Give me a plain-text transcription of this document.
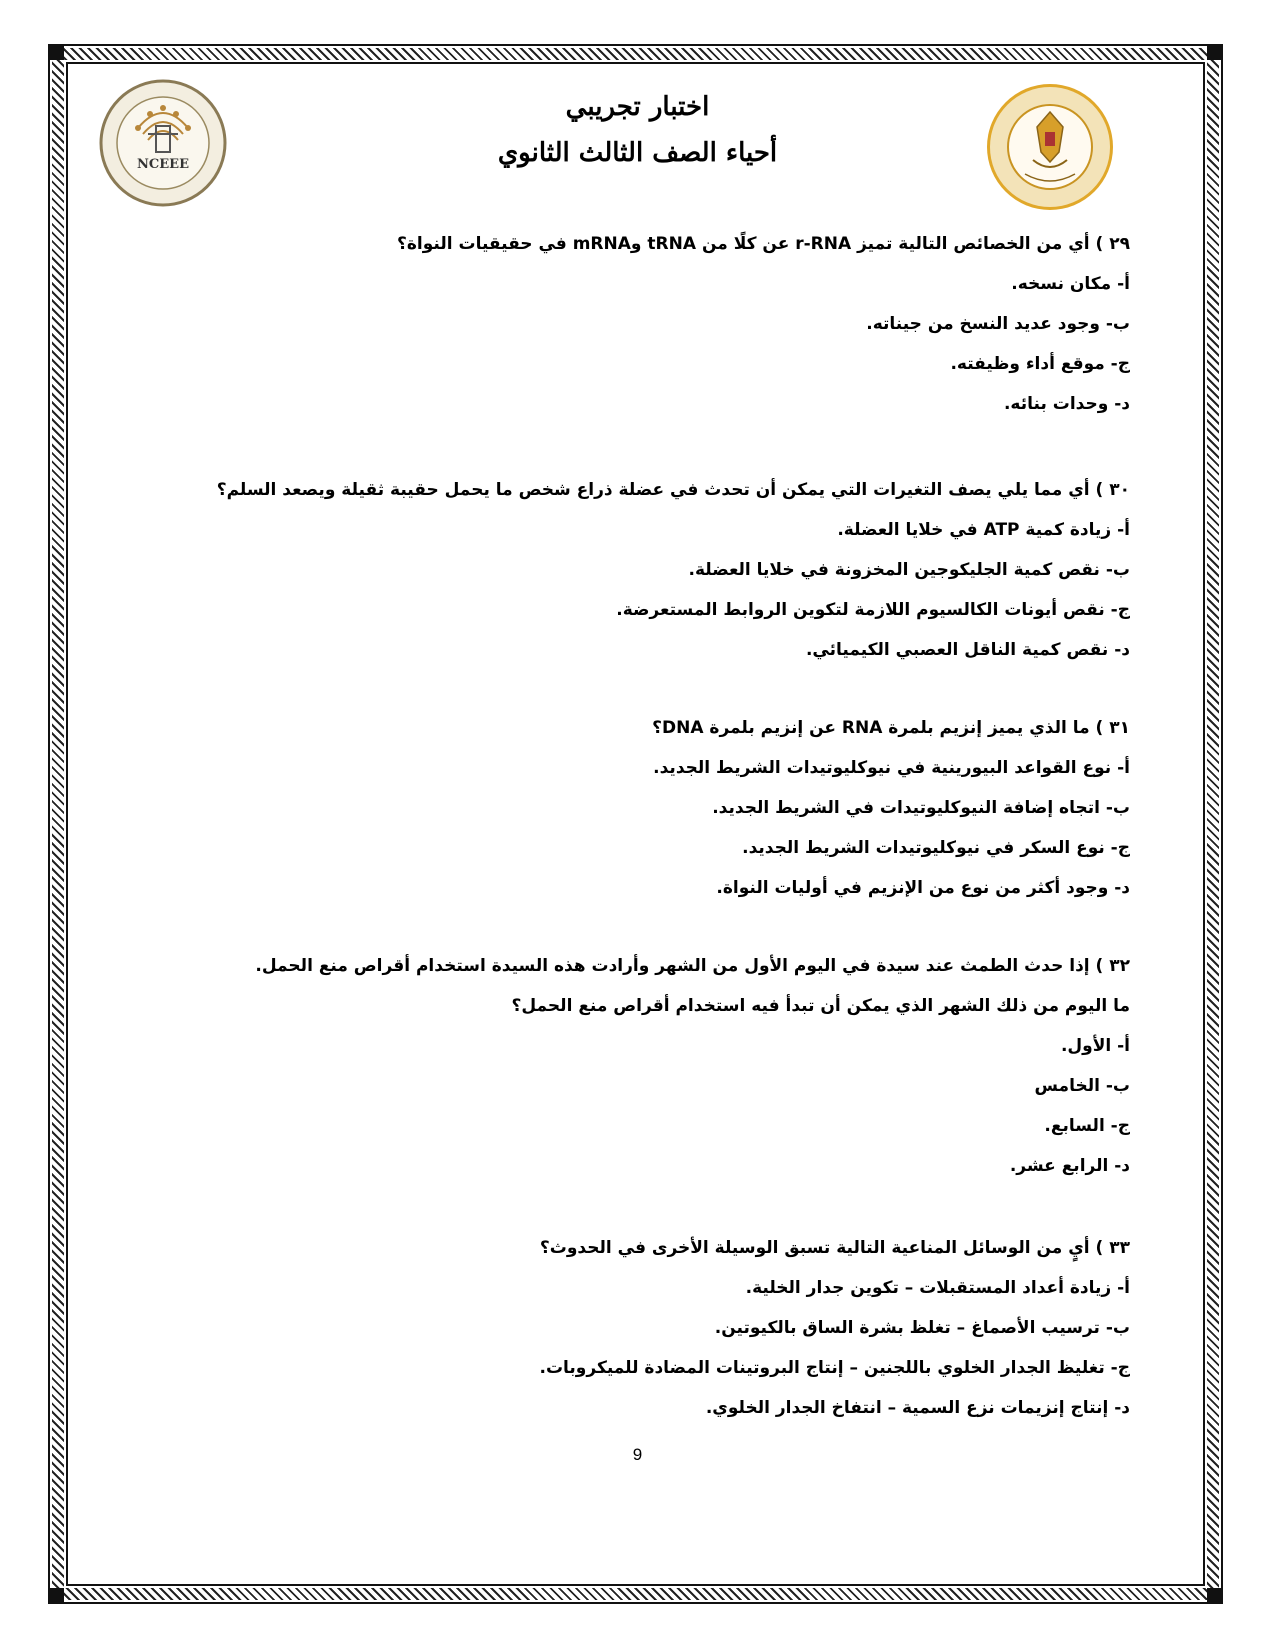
NCEEE
اختبار تجريبي
أحياء الصف الثالث الثانوي
٢٩ ) أي من الخصائص التالية تميز r-RNA عن كلًا من tRNA وmRNA في حقيقيات النواة؟
أ- مكان نسخه.
ب- وجود عديد النسخ من جيناته.
ج- موقع أداء وظيفته.
د- وحدات بنائه.
٣٠ ) أي مما يلي يصف التغيرات التي يمكن أن تحدث في عضلة ذراع شخص ما يحمل حقيبة ثقيلة ويصعد السلم؟
أ- زيادة كمية ATP في خلايا العضلة.
ب- نقص كمية الجليكوجين المخزونة في خلايا العضلة.
ج- نقص أيونات الكالسيوم اللازمة لتكوين الروابط المستعرضة.
د- نقص كمية الناقل العصبي الكيميائي.
٣١ ) ما الذي يميز إنزيم بلمرة RNA عن إنزيم بلمرة DNA؟
أ- نوع القواعد البيورينية في نيوكليوتيدات الشريط الجديد.
ب- اتجاه إضافة النيوكليوتيدات في الشريط الجديد.
ج- نوع السكر في نيوكليوتيدات الشريط الجديد.
د- وجود أكثر من نوع من الإنزيم في أوليات النواة.
٣٢ ) إذا حدث الطمث عند سيدة في اليوم الأول من الشهر وأرادت هذه السيدة استخدام أقراص منع الحمل.
ما اليوم من ذلك الشهر الذي يمكن أن تبدأ فيه استخدام أقراص منع الحمل؟
أ- الأول.
ب- الخامس
ج- السابع.
د- الرابع عشر.
٣٣ ) أيٍ من الوسائل المناعية التالية تسبق الوسيلة الأخرى في الحدوث؟
أ- زيادة أعداد المستقبلات – تكوين جدار الخلية.
ب- ترسيب الأصماغ – تغلظ بشرة الساق بالكيوتين.
ج- تغليظ الجدار الخلوي باللجنين – إنتاج البروتينات المضادة للميكروبات.
د- إنتاج إنزيمات نزع السمية – انتفاخ الجدار الخلوي.
9
